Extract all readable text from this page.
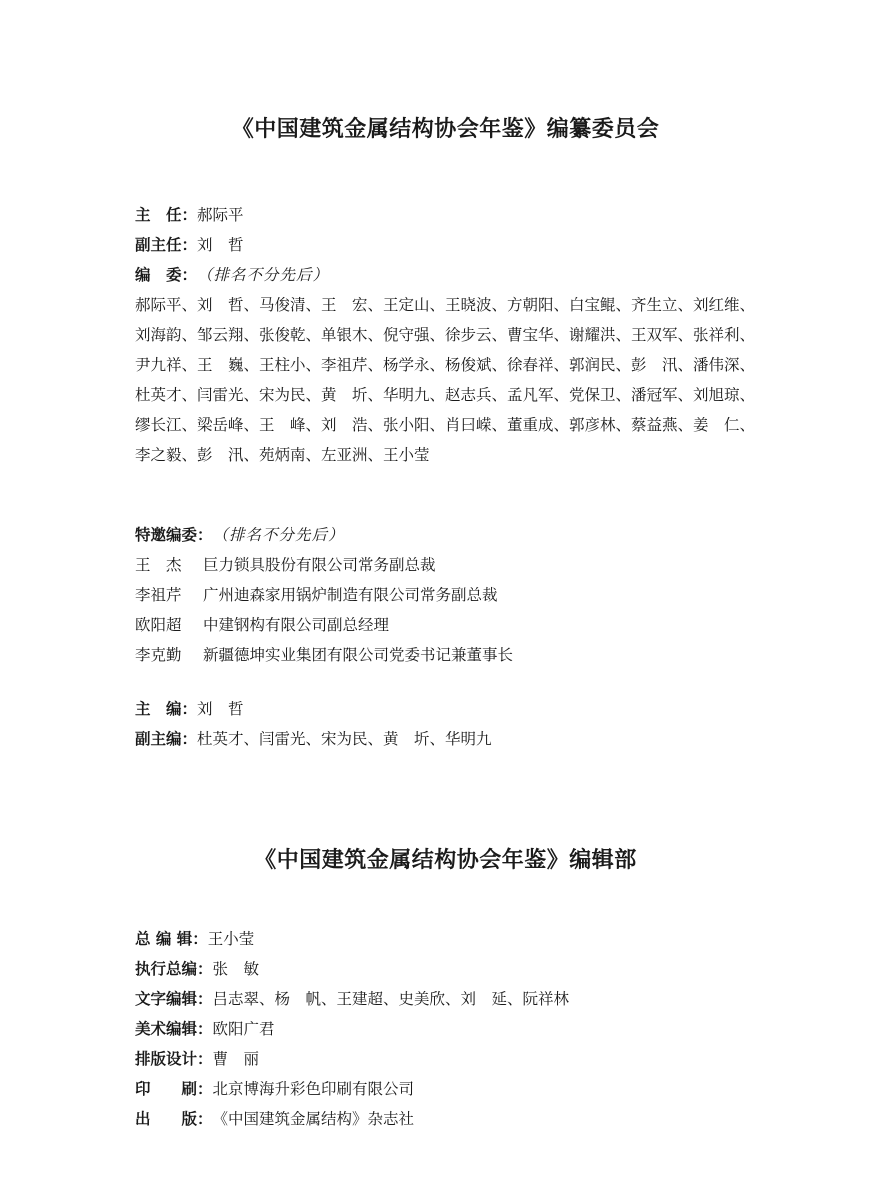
《中国建筑金属结构协会年鉴》编纂委员会
主　任：郝际平
副主任：刘　哲
编　委：（排名不分先后）
郝际平、刘　哲、马俊清、王　宏、王定山、王晓波、方朝阳、白宝鲲、齐生立、刘红维、刘海韵、邹云翔、张俊乾、单银木、倪守强、徐步云、曹宝华、谢耀洪、王双军、张祥利、尹九祥、王　巍、王柱小、李祖芹、杨学永、杨俊斌、徐春祥、郭润民、彭　汛、潘伟深、杜英才、闫雷光、宋为民、黄　圻、华明九、赵志兵、孟凡军、党保卫、潘冠军、刘旭琼、缪长江、梁岳峰、王　峰、刘　浩、张小阳、肖曰嵘、董重成、郭彦林、蔡益燕、姜　仁、李之毅、彭　汛、苑炳南、左亚洲、王小莹
特邀编委：（排名不分先后）
王　杰 巨力锁具股份有限公司常务副总裁
李祖芹 广州迪森家用锅炉制造有限公司常务副总裁
欧阳超 中建钢构有限公司副总经理
李克勤 新疆德坤实业集团有限公司党委书记兼董事长
主　编：刘　哲
副主编：杜英才、闫雷光、宋为民、黄　圻、华明九
《中国建筑金属结构协会年鉴》编辑部
总 编 辑：王小莹
执行总编：张　敏
文字编辑：吕志翠、杨　帆、王建超、史美欣、刘　延、阮祥林
美术编辑：欧阳广君
排版设计：曹　丽
印　　刷：北京博海升彩色印刷有限公司
出　　版：《中国建筑金属结构》杂志社
